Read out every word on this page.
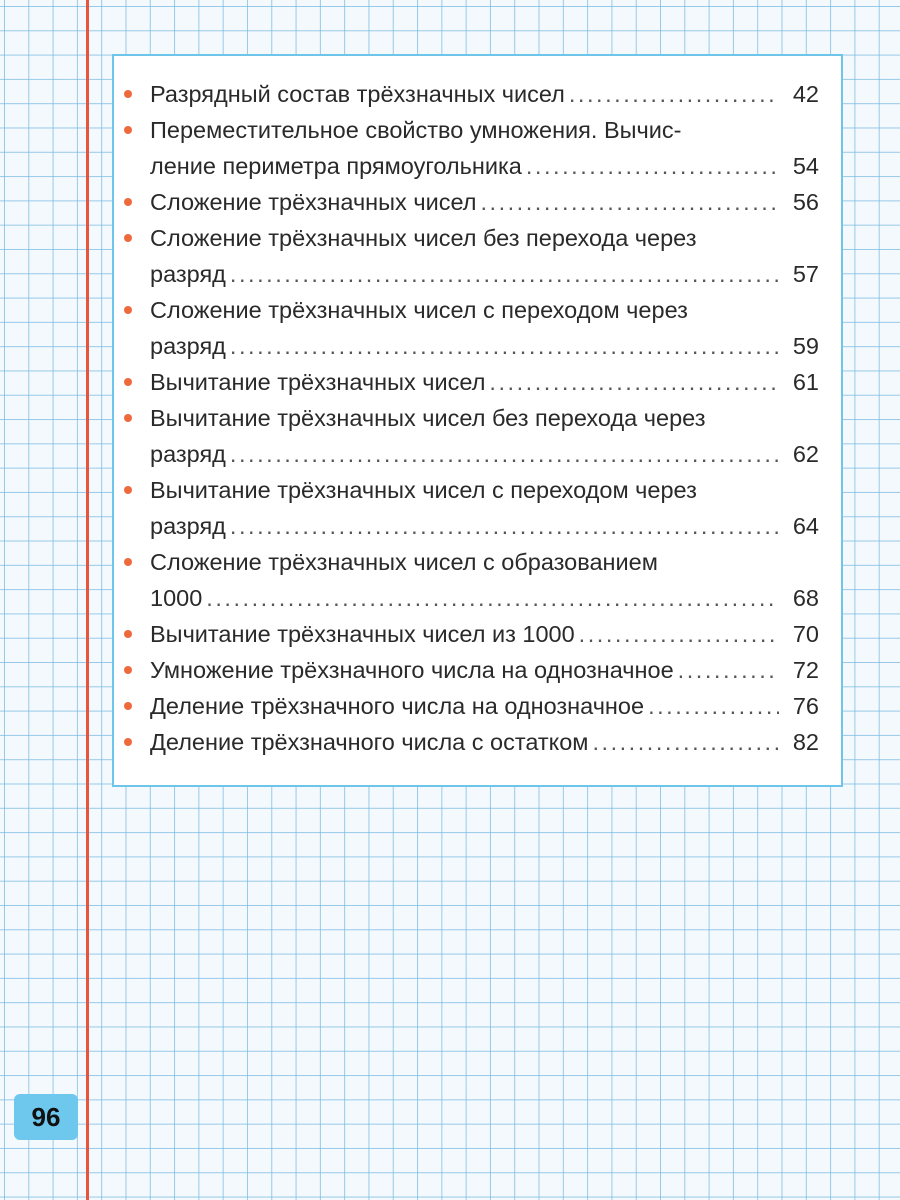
Разрядный состав трёхзначных чисел . . .	42
Переместительное свойство умножения. Вычис-
ление периметра прямоугольника . . .	54
Сложение трёхзначных чисел . . .	56
Сложение трёхзначных чисел без перехода через
разряд . . .	57
Сложение трёхзначных чисел с переходом через
разряд . . .	59
Вычитание трёхзначных чисел . . .	61
Вычитание трёхзначных чисел без перехода через
разряд . . .	62
Вычитание трёхзначных чисел с переходом через
разряд . . .	64
Сложение трёхзначных чисел с образованием
1000 . . .	68
Вычитание трёхзначных чисел из 1000 . . .	70
Умножение трёхзначного числа на однозначное . . .	72
Деление трёхзначного числа на однозначное . . .	76
Деление трёхзначного числа с остатком . . .	82
96
